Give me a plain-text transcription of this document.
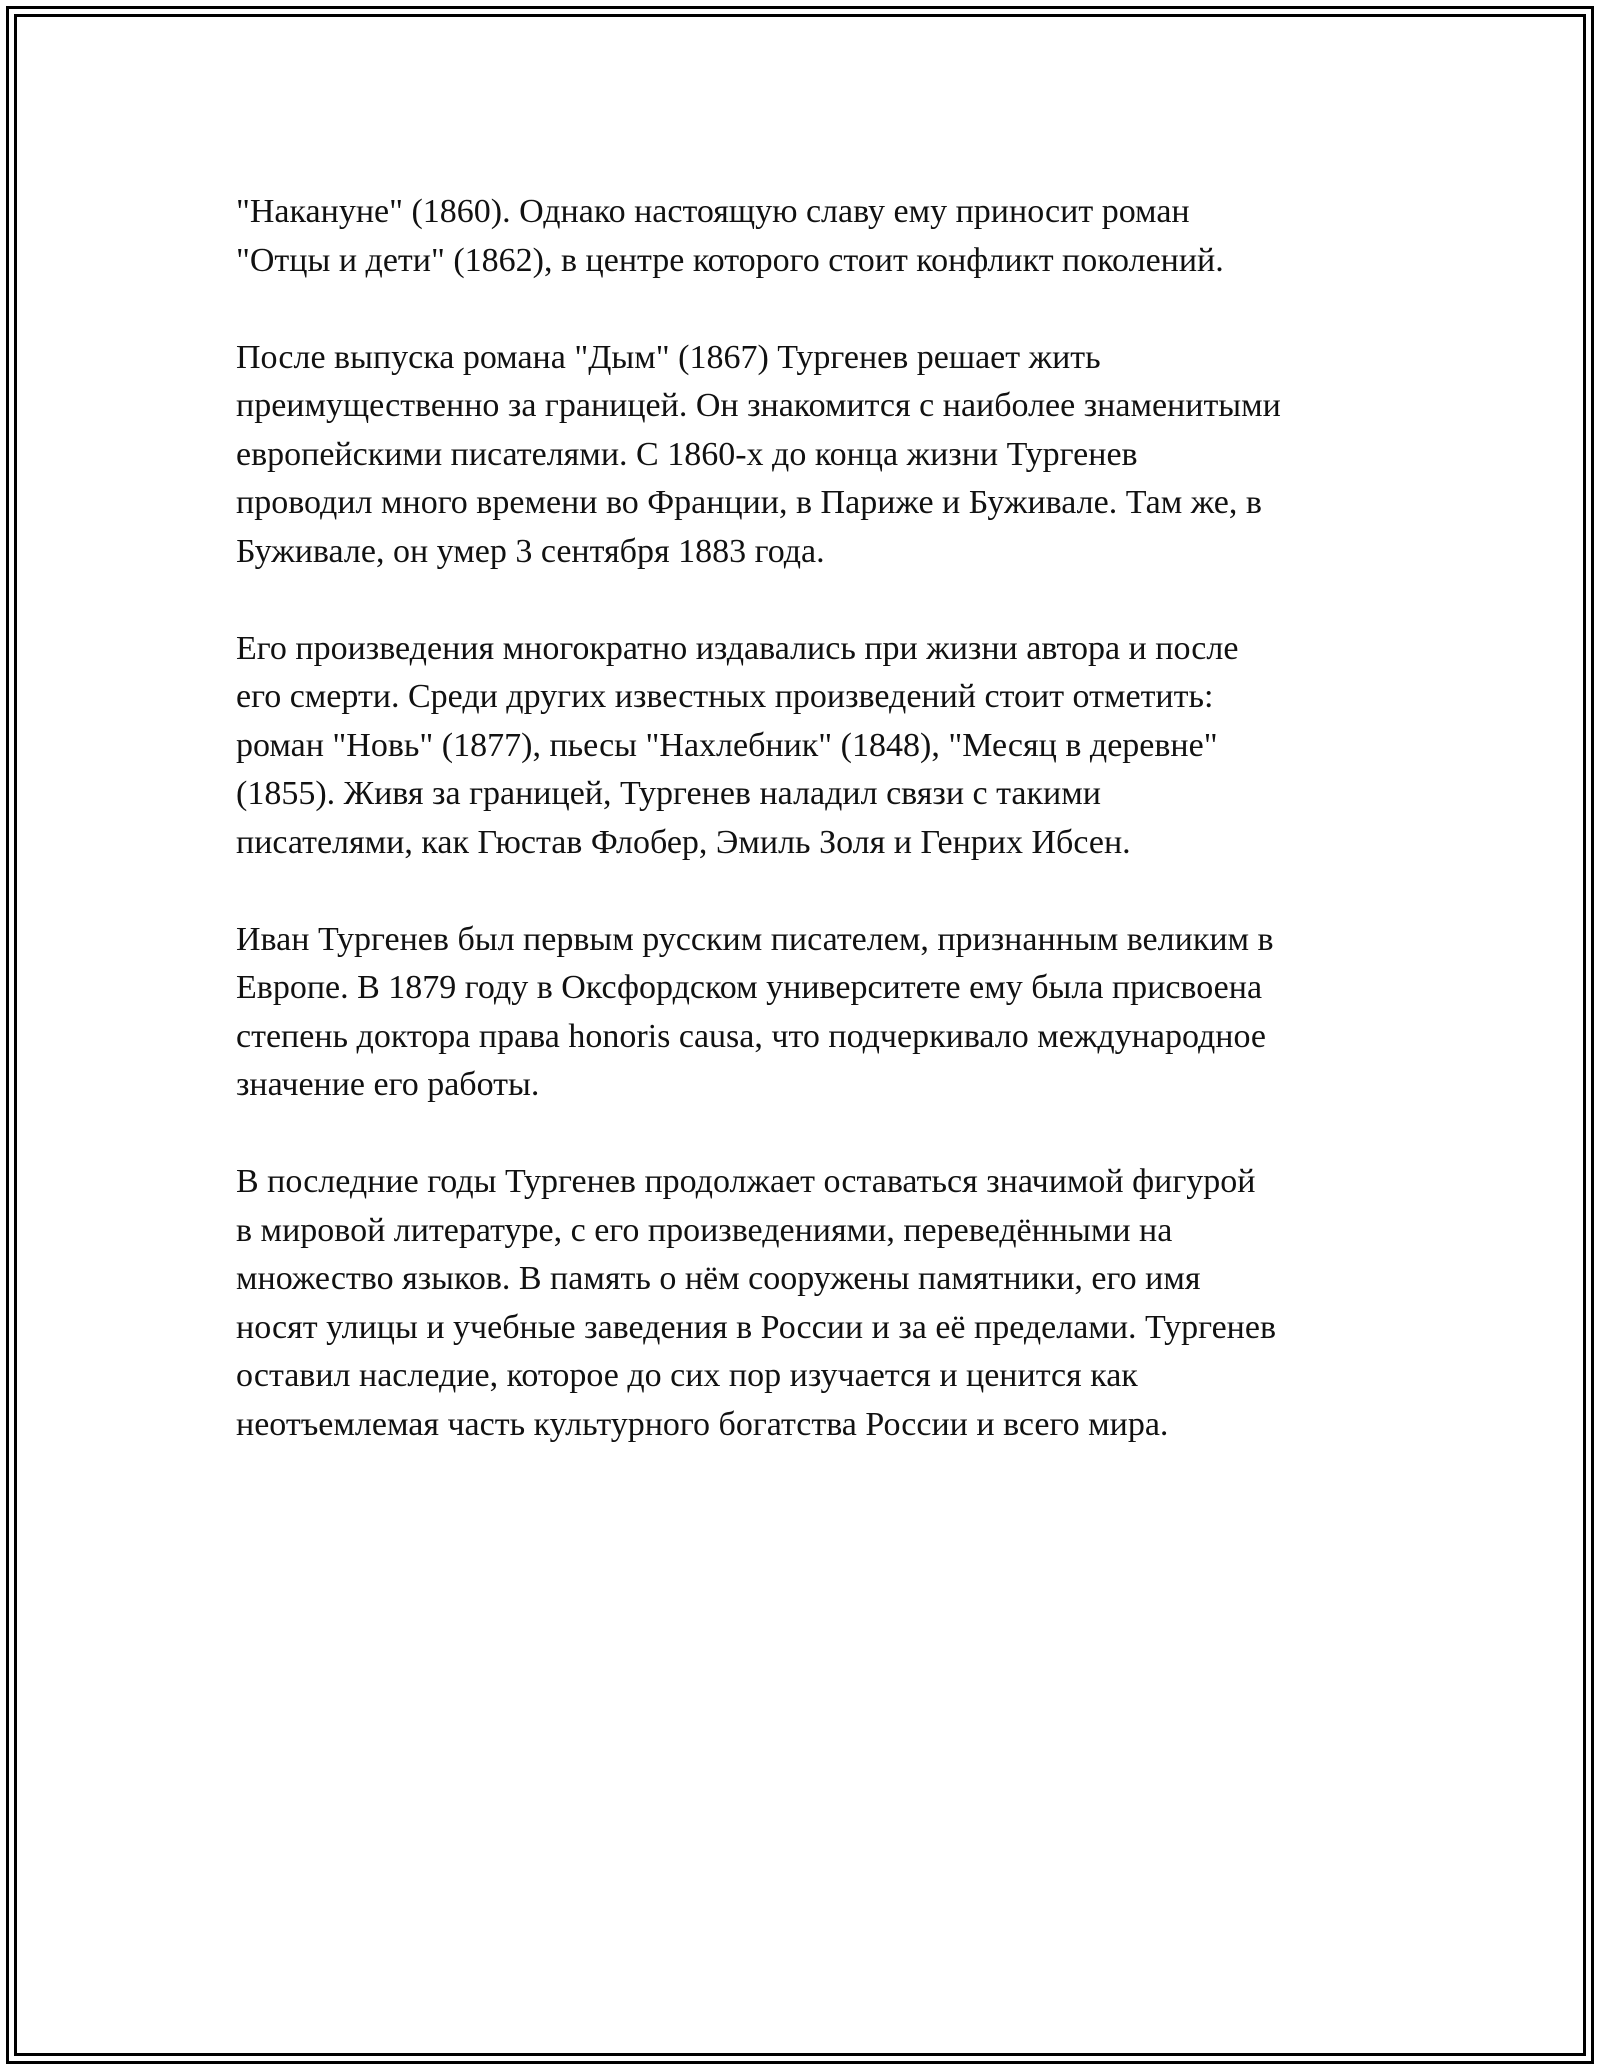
"Накануне" (1860). Однако настоящую славу ему приносит роман
"Отцы и дети" (1862), в центре которого стоит конфликт поколений.

После выпуска романа "Дым" (1867) Тургенев решает жить
преимущественно за границей. Он знакомится с наиболее знаменитыми
европейскими писателями. С 1860-х до конца жизни Тургенев
проводил много времени во Франции, в Париже и Буживале. Там же, в
Буживале, он умер 3 сентября 1883 года.

Его произведения многократно издавались при жизни автора и после
его смерти. Среди других известных произведений стоит отметить:
роман "Новь" (1877), пьесы "Нахлебник" (1848), "Месяц в деревне"
(1855). Живя за границей, Тургенев наладил связи с такими
писателями, как Гюстав Флобер, Эмиль Золя и Генрих Ибсен.

Иван Тургенев был первым русским писателем, признанным великим в
Европе. В 1879 году в Оксфордском университете ему была присвоена
степень доктора права honoris causa, что подчеркивало международное
значение его работы.

В последние годы Тургенев продолжает оставаться значимой фигурой
в мировой литературе, с его произведениями, переведёнными на
множество языков. В память о нём сооружены памятники, его имя
носят улицы и учебные заведения в России и за её пределами. Тургенев
оставил наследие, которое до сих пор изучается и ценится как
неотъемлемая часть культурного богатства России и всего мира.
